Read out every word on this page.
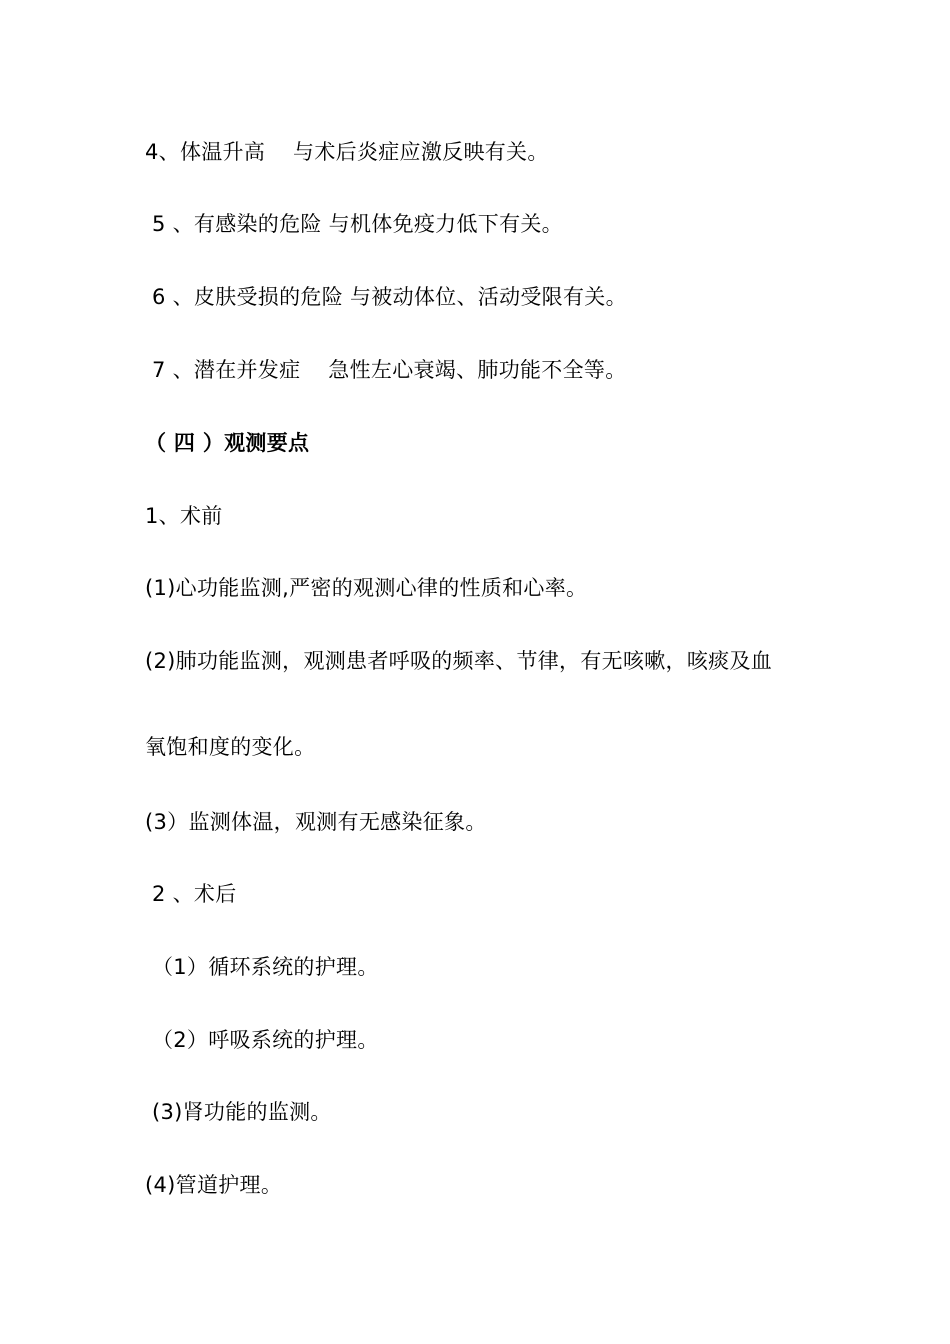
4、体温升高    与术后炎症应激反映有关。
5 、有感染的危险 与机体免疫力低下有关。
6 、皮肤受损的危险 与被动体位、活动受限有关。
7 、潜在并发症    急性左心衰竭、肺功能不全等。
（ 四 ）观测要点
1、术前
(1)心功能监测,严密的观测心律的性质和心率。
(2)肺功能监测，观测患者呼吸的频率、节律，有无咳嗽，咳痰及血
氧饱和度的变化。
(3）监测体温，观测有无感染征象。
2 、术后
（1）循环系统的护理。
（2）呼吸系统的护理。
(3)肾功能的监测。
(4)管道护理。
